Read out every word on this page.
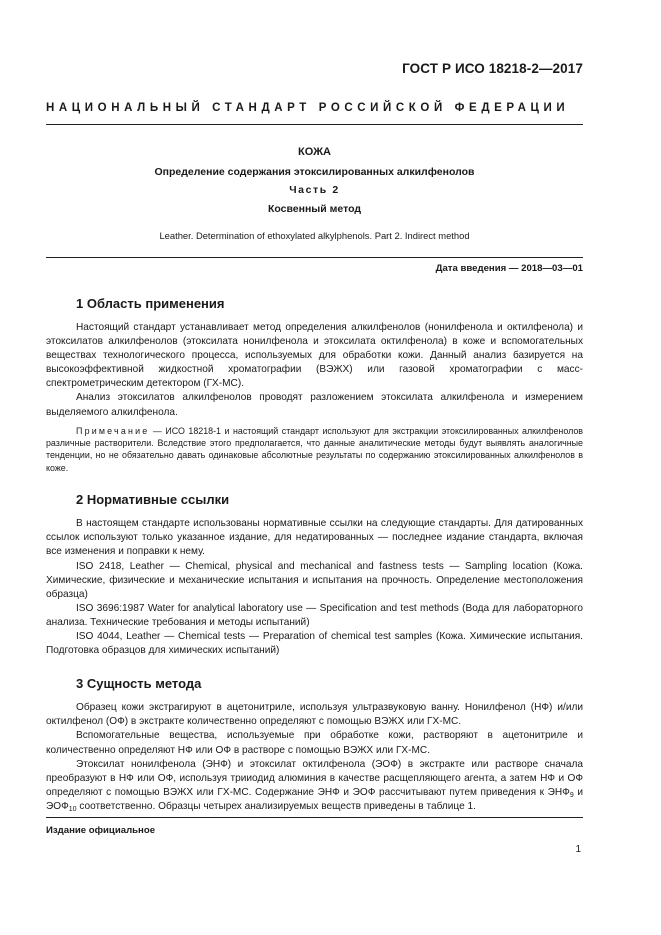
ГОСТ Р ИСО 18218-2—2017
НАЦИОНАЛЬНЫЙ СТАНДАРТ РОССИЙСКОЙ ФЕДЕРАЦИИ
КОЖА
Определение содержания этоксилированных алкилфенолов
Часть 2
Косвенный метод
Leather. Determination of ethoxylated alkylphenols. Part 2. Indirect method
Дата введения — 2018—03—01
1 Область применения

Настоящий стандарт устанавливает метод определения алкилфенолов (нонилфенола и октилфенола) и этоксилатов алкилфенолов (этоксилата нонилфенола и этоксилата октилфенола) в коже и вспомогательных веществах технологического процесса, используемых для обработки кожи. Данный анализ базируется на высокоэффективной жидкостной хроматографии (ВЭЖХ) или газовой хроматографии с масс-спектрометрическим детектором (ГХ-МС).

Анализ этоксилатов алкилфенолов проводят разложением этоксилата алкилфенола и измерением выделяемого алкилфенола.

Примечание — ИСО 18218-1 и настоящий стандарт используют для экстракции этоксилированных алкилфенолов различные растворители. Вследствие этого предполагается, что данные аналитические методы будут выявлять аналогичные тенденции, но не обязательно давать одинаковые абсолютные результаты по содержанию этоксилированных алкилфенолов в коже.

2 Нормативные ссылки

В настоящем стандарте использованы нормативные ссылки на следующие стандарты. Для датированных ссылок используют только указанное издание, для недатированных — последнее издание стандарта, включая все изменения и поправки к нему.

ISO 2418, Leather — Chemical, physical and mechanical and fastness tests — Sampling location (Кожа. Химические, физические и механические испытания и испытания на прочность. Определение местоположения образца)

ISO 3696:1987 Water for analytical laboratory use — Specification and test methods (Вода для лабораторного анализа. Технические требования и методы испытаний)

ISO 4044, Leather — Chemical tests — Preparation of chemical test samples (Кожа. Химические испытания. Подготовка образцов для химических испытаний)

3 Сущность метода

Образец кожи экстрагируют в ацетонитриле, используя ультразвуковую ванну. Нонилфенол (НФ) и/или октилфенол (ОФ) в экстракте количественно определяют с помощью ВЭЖХ или ГХ-МС.

Вспомогательные вещества, используемые при обработке кожи, растворяют в ацетонитриле и количественно определяют НФ или ОФ в растворе с помощью ВЭЖХ или ГХ-МС.

Этоксилат нонилфенола (ЭНФ) и этоксилат октилфенола (ЭОФ) в экстракте или растворе сначала преобразуют в НФ или ОФ, используя трииодид алюминия в качестве расщепляющего агента, а затем НФ и ОФ определяют с помощью ВЭЖХ или ГХ-МС. Содержание ЭНФ и ЭОФ рассчитывают путем приведения к $ЭНФ_9$ и $ЭОФ_{10}$ соответственно. Образцы четырех анализируемых веществ приведены в таблице 1.

Издание официальное
1
